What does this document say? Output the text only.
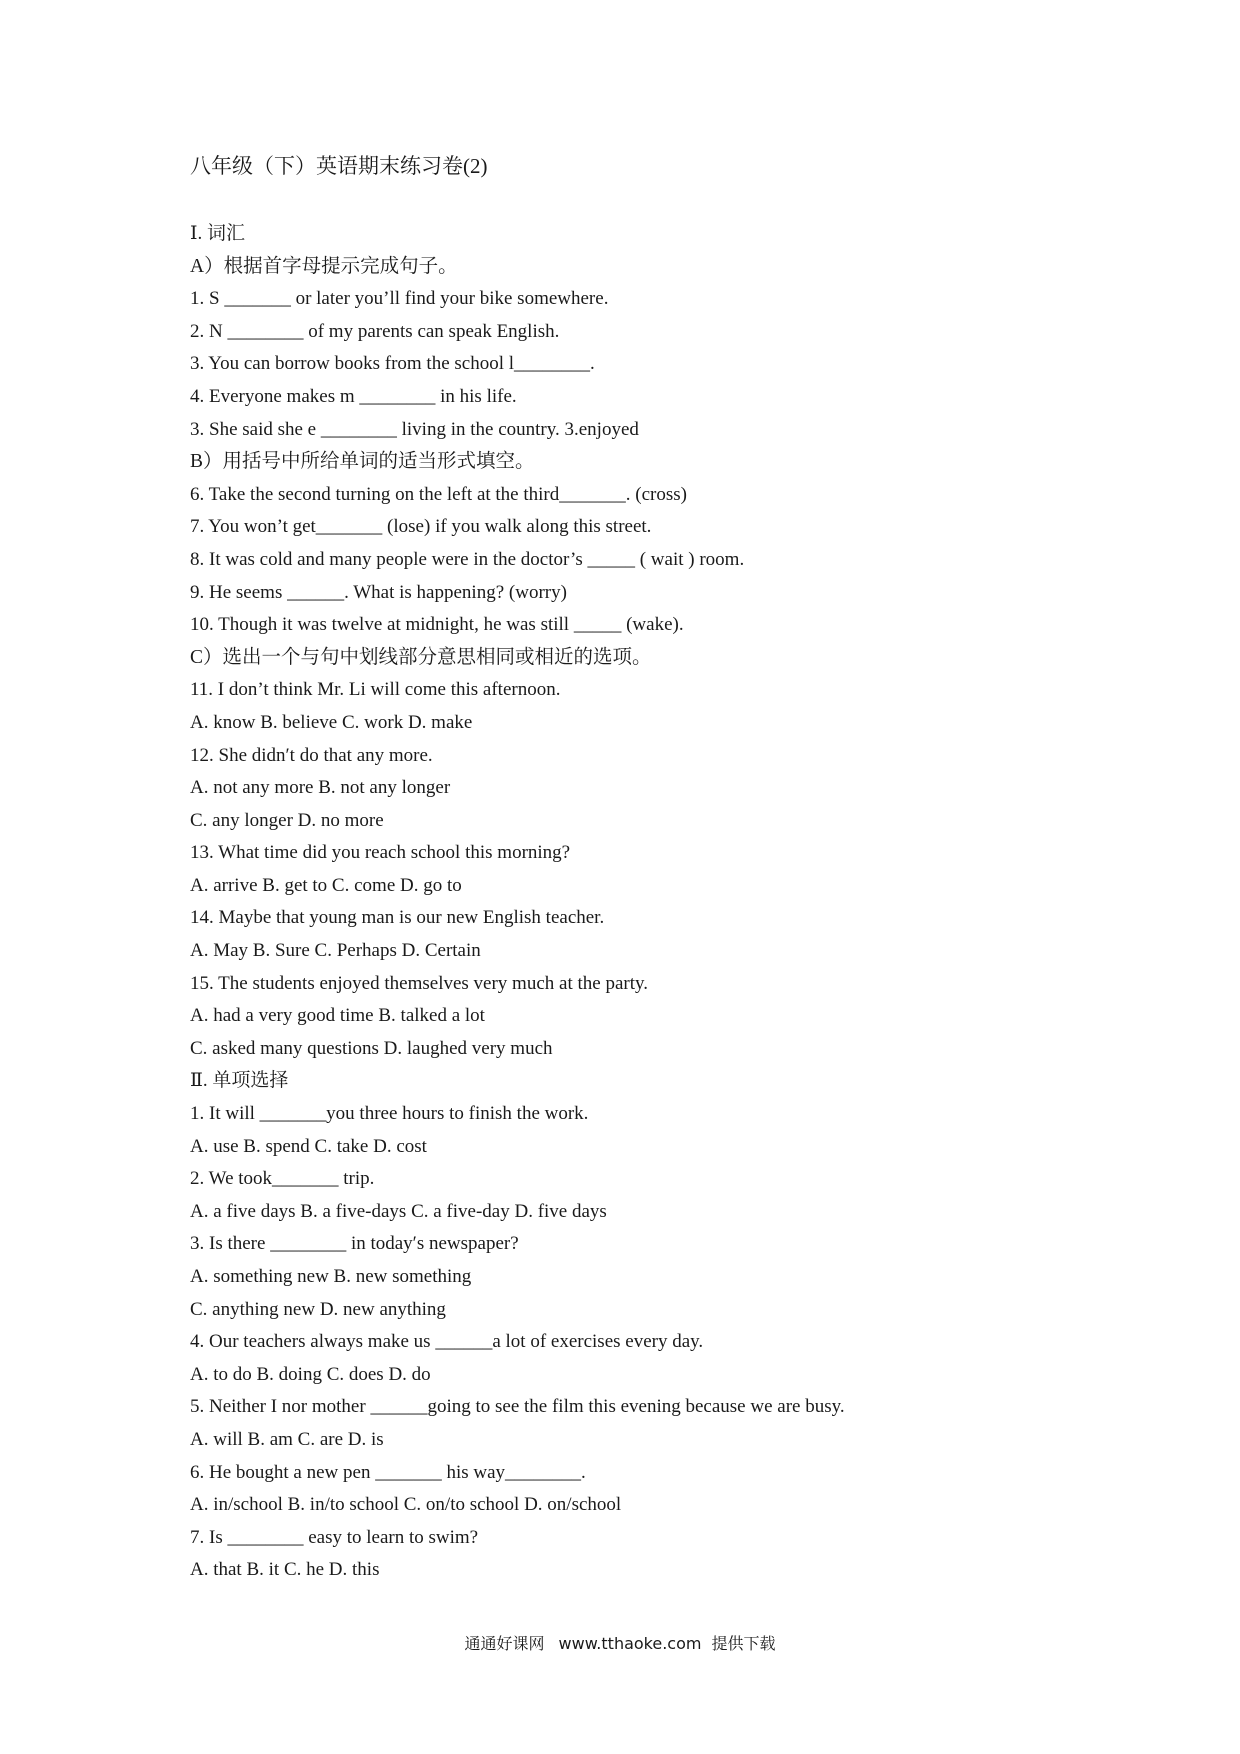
八年级（下）英语期末练习卷(2)
Ⅰ. 词汇
A）根据首字母提示完成句子。
1. S _______ or later you’ll find your bike somewhere.
2. N ________ of my parents can speak English.
3. You can borrow books from the school l________.
4. Everyone makes m ________ in his life.
3. She said she e ________ living in the country. 3.enjoyed
B）用括号中所给单词的适当形式填空。
6. Take the second turning on the left at the third_______. (cross)
7. You won’t get_______ (lose) if you walk along this street.
8. It was cold and many people were in the doctor’s _____ ( wait ) room.
9. He seems ______. What is happening? (worry)
10. Though it was twelve at midnight, he was still _____ (wake).
C）选出一个与句中划线部分意思相同或相近的选项。
11. I don’t think Mr. Li will come this afternoon.
A. know B. believe C. work D. make
12. She didn′t do that any more.
A. not any more B. not any longer
C. any longer D. no more
13. What time did you reach school this morning?
A. arrive B. get to C. come D. go to
14. Maybe that young man is our new English teacher.
A. May B. Sure C. Perhaps D. Certain
15. The students enjoyed themselves very much at the party.
A. had a very good time B. talked a lot
C. asked many questions D. laughed very much
Ⅱ. 单项选择
1. It will _______you three hours to finish the work.
A. use B. spend C. take D. cost
2. We took_______ trip.
A. a five days B. a five-days C. a five-day D. five days
3. Is there ________ in today′s newspaper?
A. something new B. new something
C. anything new D. new anything
4. Our teachers always make us ______a lot of exercises every day.
A. to do B. doing C. does D. do
5. Neither I nor mother ______going to see the film this evening because we are busy.
A. will B. am C. are D. is
6. He bought a new pen _______ his way________.
A. in/school B. in/to school C. on/to school D. on/school
7. Is ________ easy to learn to swim?
A. that B. it C. he D. this
通通好课网 www.tthaoke.com 提供下载
